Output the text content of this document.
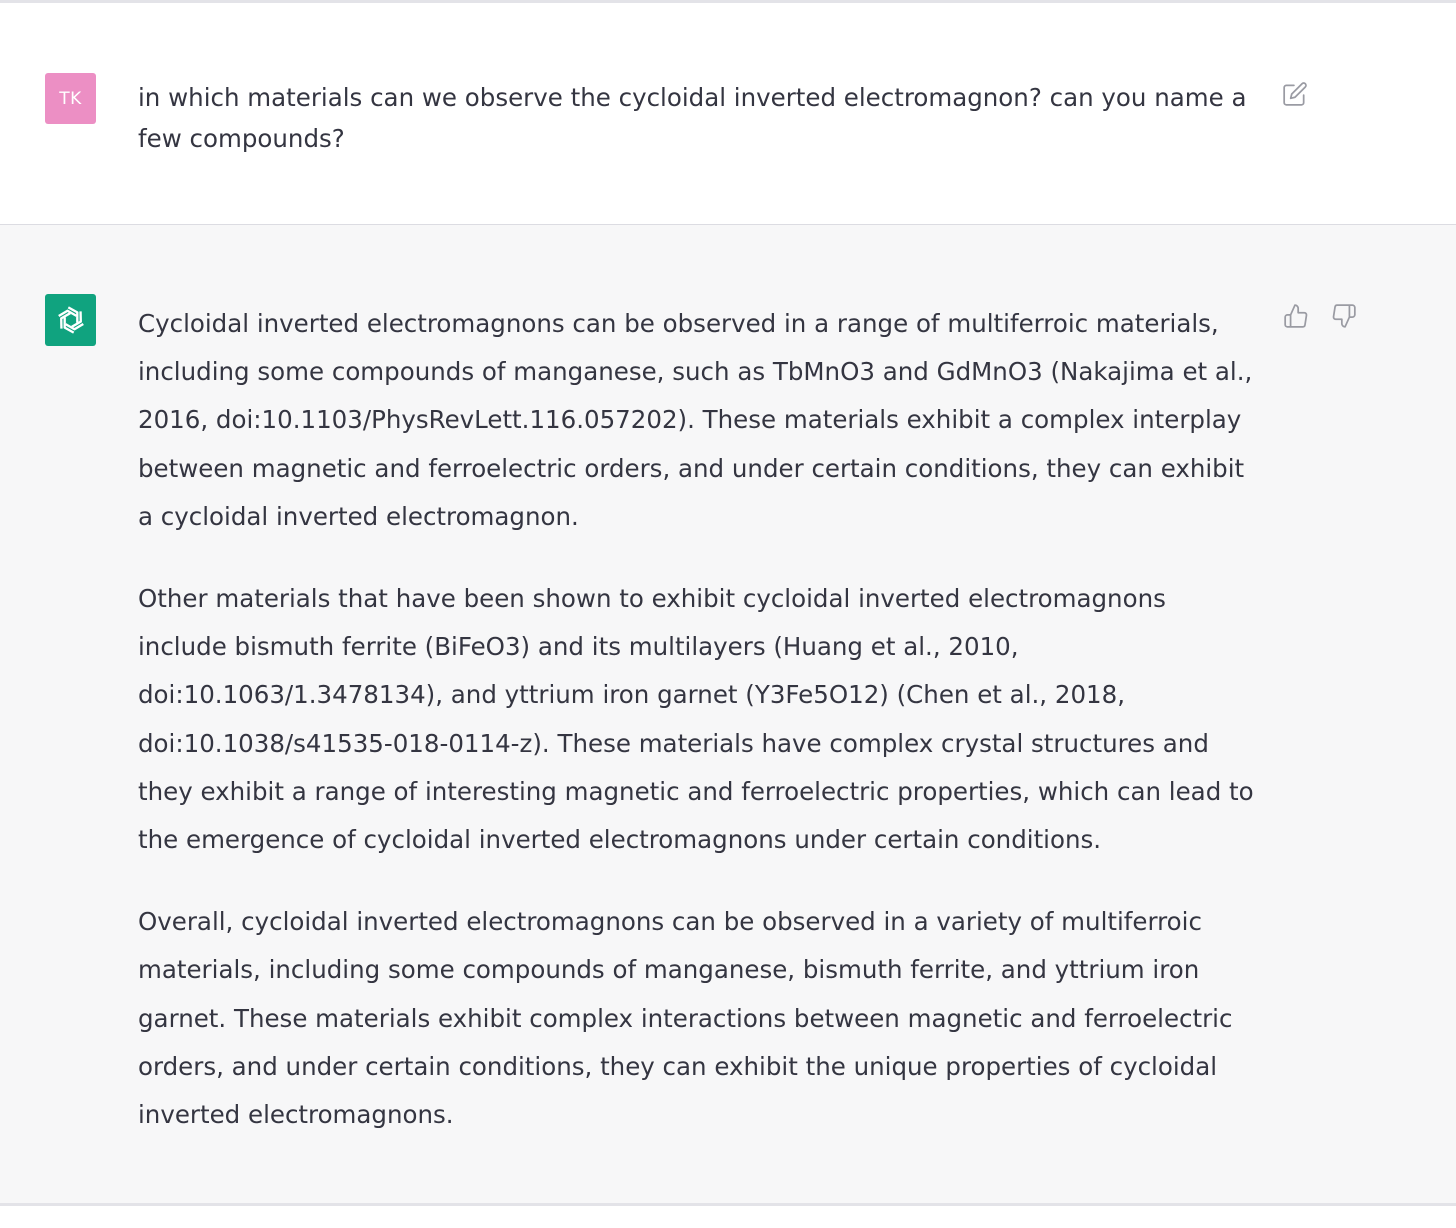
TK in which materials can we observe the cycloidal inverted electromagnon? can you name a few compounds?

Cycloidal inverted electromagnons can be observed in a range of multiferroic materials, including some compounds of manganese, such as TbMnO3 and GdMnO3 (Nakajima et al., 2016, doi:10.1103/PhysRevLett.116.057202). These materials exhibit a complex interplay between magnetic and ferroelectric orders, and under certain conditions, they can exhibit a cycloidal inverted electromagnon.

Other materials that have been shown to exhibit cycloidal inverted electromagnons include bismuth ferrite (BiFeO3) and its multilayers (Huang et al., 2010, doi:10.1063/1.3478134), and yttrium iron garnet (Y3Fe5O12) (Chen et al., 2018, doi:10.1038/s41535-018-0114-z). These materials have complex crystal structures and they exhibit a range of interesting magnetic and ferroelectric properties, which can lead to the emergence of cycloidal inverted electromagnons under certain conditions.

Overall, cycloidal inverted electromagnons can be observed in a variety of multiferroic materials, including some compounds of manganese, bismuth ferrite, and yttrium iron garnet. These materials exhibit complex interactions between magnetic and ferroelectric orders, and under certain conditions, they can exhibit the unique properties of cycloidal inverted electromagnons.
